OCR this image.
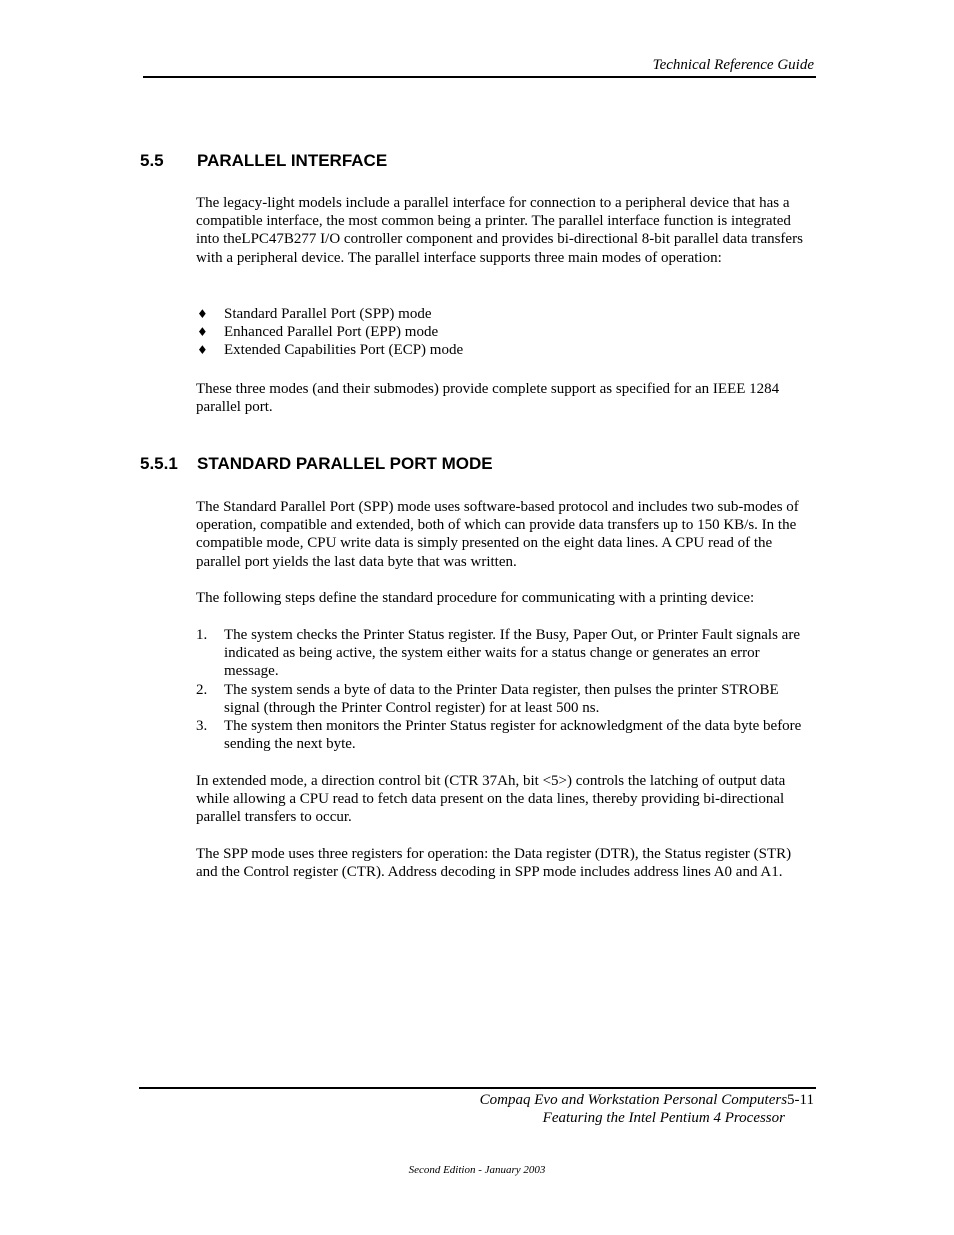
Technical Reference Guide
5.5 PARALLEL INTERFACE

The legacy-light models include a parallel interface for connection to a peripheral device that has a compatible interface, the most common being a printer. The parallel interface function is integrated into theLPC47B277 I/O controller component and provides bi-directional 8-bit parallel data transfers with a peripheral device. The parallel interface supports three main modes of operation:

♦ Standard Parallel Port (SPP) mode
♦ Enhanced Parallel Port (EPP) mode
♦ Extended Capabilities Port (ECP) mode

These three modes (and their submodes) provide complete support as specified for an IEEE 1284 parallel port.

5.5.1 STANDARD PARALLEL PORT MODE

The Standard Parallel Port (SPP) mode uses software-based protocol and includes two sub-modes of operation, compatible and extended, both of which can provide data transfers up to 150 KB/s. In the compatible mode, CPU write data is simply presented on the eight data lines. A CPU read of the parallel port yields the last data byte that was written.

The following steps define the standard procedure for communicating with a printing device:

1. The system checks the Printer Status register. If the Busy, Paper Out, or Printer Fault signals are indicated as being active, the system either waits for a status change or generates an error message.
2. The system sends a byte of data to the Printer Data register, then pulses the printer STROBE signal (through the Printer Control register) for at least 500 ns.
3. The system then monitors the Printer Status register for acknowledgment of the data byte before sending the next byte.

In extended mode, a direction control bit (CTR 37Ah, bit <5>) controls the latching of output data while allowing a CPU read to fetch data present on the data lines, thereby providing bi-directional parallel transfers to occur.

The SPP mode uses three registers for operation: the Data register (DTR), the Status register (STR) and the Control register (CTR). Address decoding in SPP mode includes address lines A0 and A1.

Compaq Evo and Workstation Personal Computers5-11
Featuring the Intel Pentium 4 Processor
Second Edition - January 2003
